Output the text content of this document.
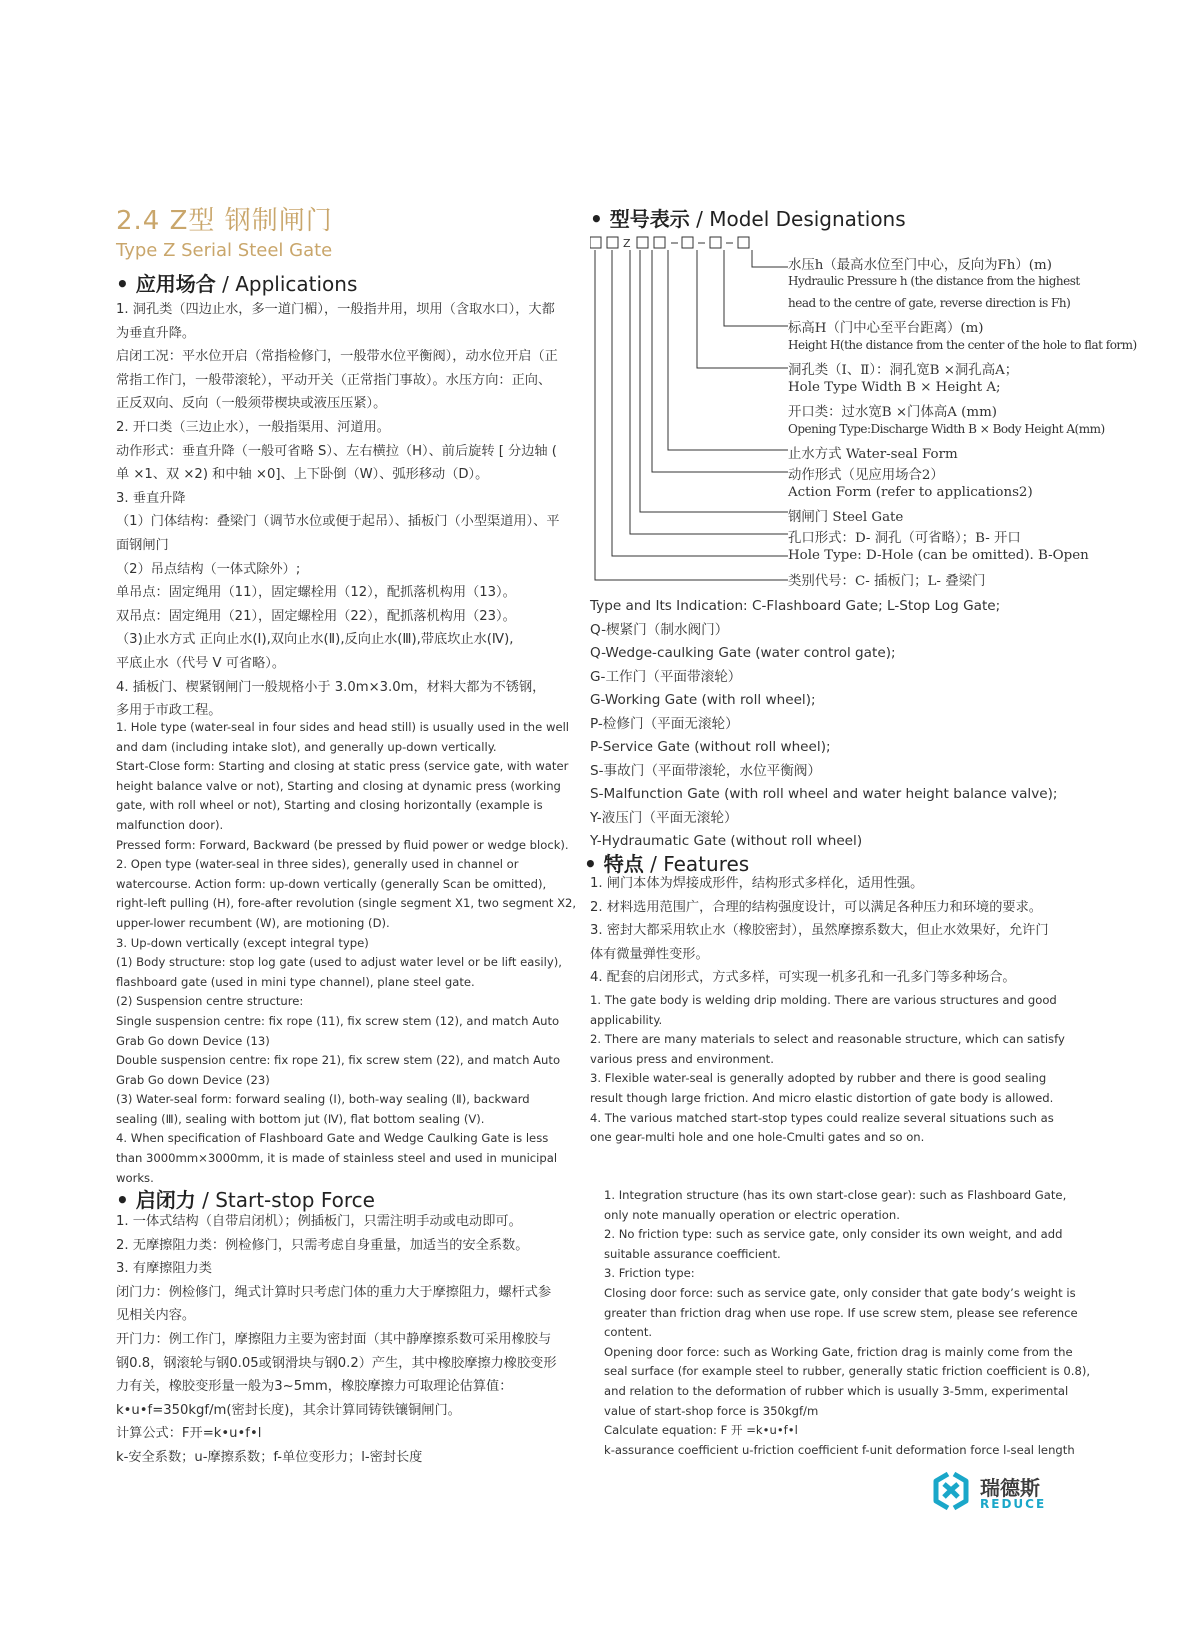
2.4 Z型 钢制闸门
Type Z Serial Steel Gate
• 应用场合 / Applications
1. 洞孔类（四边止水，多一道门楣），一般指井用，坝用（含取水口），大都
为垂直升降。
启闭工况：平水位开启（常指检修门，一般带水位平衡阀），动水位开启（正
常指工作门，一般带滚轮），平动开关（正常指门事故）。水压方向：正向、
正反双向、反向（一般须带楔块或液压压紧）。
2. 开口类（三边止水），一般指渠用、河道用。
动作形式：垂直升降（一般可省略 S）、左右横拉（H）、前后旋转 [ 分边轴 (
单 ×1、双 ×2) 和中轴 ×0]、上下卧倒（W）、弧形移动（D）。
3. 垂直升降
（1）门体结构：叠梁门（调节水位或便于起吊）、插板门（小型渠道用）、平
面钢闸门
（2）吊点结构（一体式除外）;
单吊点：固定绳用（11），固定螺栓用（12），配抓落机构用（13）。
双吊点：固定绳用（21），固定螺栓用（22），配抓落机构用（23）。
（3)止水方式 正向止水(Ⅰ),双向止水(Ⅱ),反向止水(Ⅲ),带底坎止水(Ⅳ),
平底止水（代号 V 可省略）。
4. 插板门、楔紧钢闸门一般规格小于 3.0m×3.0m，材料大都为不锈钢，
多用于市政工程。
1. Hole type (water-seal in four sides and head still) is usually used in the well
and dam (including intake slot), and generally up-down vertically.
Start-Close form: Starting and closing at static press (service gate, with water
height balance valve or not), Starting and closing at dynamic press (working
gate, with roll wheel or not), Starting and closing horizontally (example is
malfunction door).
Pressed form: Forward, Backward (be pressed by fluid power or wedge block).
2. Open type (water-seal in three sides), generally used in channel or
watercourse. Action form: up-down vertically (generally Scan be omitted),
right-left pulling (H), fore-after revolution (single segment X1, two segment X2,
upper-lower recumbent (W), are motioning (D).
3. Up-down vertically (except integral type)
(1) Body structure: stop log gate (used to adjust water level or be lift easily),
flashboard gate (used in mini type channel), plane steel gate.
(2) Suspension centre structure:
Single suspension centre: fix rope (11), fix screw stem (12), and match Auto
Grab Go down Device (13)
Double suspension centre: fix rope 21), fix screw stem (22), and match Auto
Grab Go down Device (23)
(3) Water-seal form: forward sealing (Ⅰ), both-way sealing (Ⅱ), backward
sealing (Ⅲ), sealing with bottom jut (Ⅳ), flat bottom sealing (Ⅴ).
4. When specification of Flashboard Gate and Wedge Caulking Gate is less
than 3000mm×3000mm, it is made of stainless steel and used in municipal
works.
• 启闭力 / Start-stop Force
1. 一体式结构（自带启闭机）；例插板门，只需注明手动或电动即可。
2. 无摩擦阻力类：例检修门，只需考虑自身重量，加适当的安全系数。
3. 有摩擦阻力类
闭门力：例检修门，绳式计算时只考虑门体的重力大于摩擦阻力，螺杆式参
见相关内容。
开门力：例工作门，摩擦阻力主要为密封面（其中静摩擦系数可采用橡胶与
钢0.8，钢滚轮与钢0.05或钢滑块与钢0.2）产生，其中橡胶摩擦力橡胶变形
力有关，橡胶变形量一般为3~5mm，橡胶摩擦力可取理论估算值：
k•u•f=350kgf/m(密封长度)，其余计算同铸铁镶铜闸门。
计算公式：F开=k•u•f•l
k-安全系数；u-摩擦系数；f-单位变形力；l-密封长度
1. Integration structure (has its own start-close gear): such as Flashboard Gate,
only note manually operation or electric operation.
2. No friction type: such as service gate, only consider its own weight, and add
suitable assurance coefficient.
3. Friction type:
Closing door force: such as service gate, only consider that gate body’s weight is
greater than friction drag when use rope. If use screw stem, please see reference
content.
Opening door force: such as Working Gate, friction drag is mainly come from the
seal surface (for example steel to rubber, generally static friction coefficient is 0.8),
and relation to the deformation of rubber which is usually 3-5mm, experimental
value of start-shop force is 350kgf/m
Calculate equation: F 开 =k•u•f•l
k-assurance coefficient u-friction coefficient f-unit deformation force l-seal length
• 型号表示 / Model Designations
Z
水压h（最高水位至门中心，反向为Fh）(m)
Hydraulic Pressure h (the distance from the highest
head to the centre of gate, reverse direction is Fh)
标高H（门中心至平台距离）(m)
Height H(the distance from the center of the hole to flat form)
洞孔类（Ⅰ、Ⅱ）：洞孔宽B ×洞孔高A；
Hole Type Width B × Height A;
开口类：过水宽B ×门体高A (mm)
Opening Type:Discharge Width B × Body Height A(mm)
止水方式 Water-seal Form
动作形式（见应用场合2）
Action Form (refer to applications2)
钢闸门 Steel Gate
孔口形式：D- 洞孔（可省略）；B- 开口
Hole Type: D-Hole (can be omitted). B-Open
类别代号：C- 插板门；L- 叠梁门
Type and Its Indication: C-Flashboard Gate; L-Stop Log Gate;
Q-楔紧门（制水阀门）
Q-Wedge-caulking Gate (water control gate);
G-工作门（平面带滚轮）
G-Working Gate (with roll wheel);
P-检修门（平面无滚轮）
P-Service Gate (without roll wheel);
S-事故门（平面带滚轮，水位平衡阀）
S-Malfunction Gate (with roll wheel and water height balance valve);
Y-液压门（平面无滚轮）
Y-Hydraumatic Gate (without roll wheel)
• 特点 / Features
1. 闸门本体为焊接成形件，结构形式多样化，适用性强。
2. 材料选用范围广，合理的结构强度设计，可以满足各种压力和环境的要求。
3. 密封大都采用软止水（橡胶密封），虽然摩擦系数大，但止水效果好，允许门
体有微量弹性变形。
4. 配套的启闭形式，方式多样，可实现一机多孔和一孔多门等多种场合。
1. The gate body is welding drip molding. There are various structures and good
applicability.
2. There are many materials to select and reasonable structure, which can satisfy
various press and environment.
3. Flexible water-seal is generally adopted by rubber and there is good sealing
result though large friction. And micro elastic distortion of gate body is allowed.
4. The various matched start-stop types could realize several situations such as
one gear-multi hole and one hole-Cmulti gates and so on.
瑞德斯
REDUCE
